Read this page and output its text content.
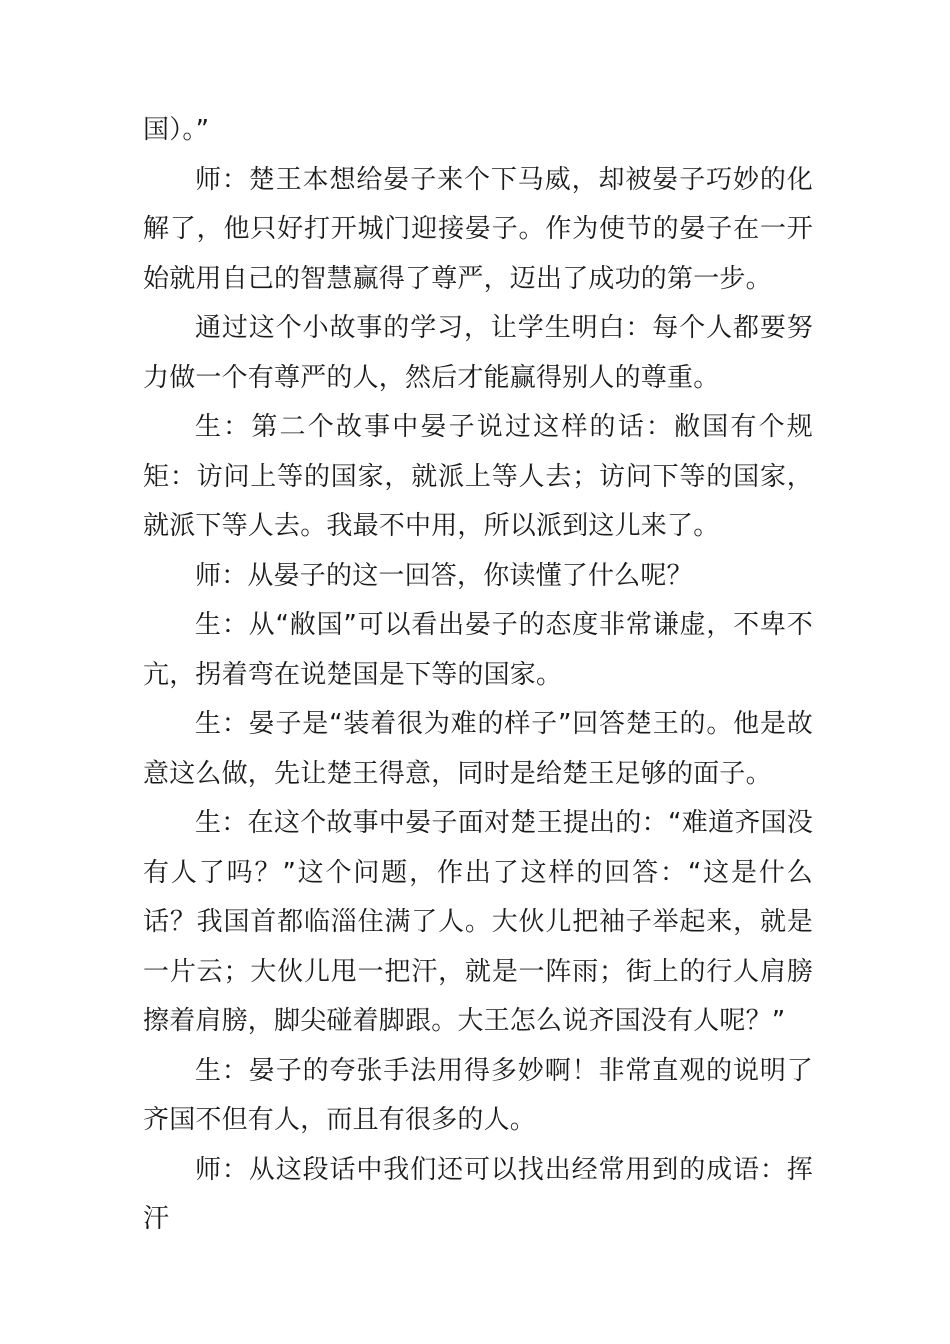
国）。”

师：楚王本想给晏子来个下马威，却被晏子巧妙的化解了，他只好打开城门迎接晏子。作为使节的晏子在一开始就用自己的智慧赢得了尊严，迈出了成功的第一步。

通过这个小故事的学习，让学生明白：每个人都要努力做一个有尊严的人，然后才能赢得别人的尊重。

生：第二个故事中晏子说过这样的话：敝国有个规矩：访问上等的国家，就派上等人去；访问下等的国家，就派下等人去。我最不中用，所以派到这儿来了。

师：从晏子的这一回答，你读懂了什么呢？

生：从“敝国”可以看出晏子的态度非常谦虚，不卑不亢，拐着弯在说楚国是下等的国家。

生：晏子是“装着很为难的样子”回答楚王的。他是故意这么做，先让楚王得意，同时是给楚王足够的面子。

生：在这个故事中晏子面对楚王提出的：“难道齐国没有人了吗？”这个问题，作出了这样的回答：“这是什么话？我国首都临淄住满了人。大伙儿把袖子举起来，就是一片云；大伙儿甩一把汗，就是一阵雨；街上的行人肩膀擦着肩膀，脚尖碰着脚跟。大王怎么说齐国没有人呢？”

生：晏子的夸张手法用得多妙啊！非常直观的说明了齐国不但有人，而且有很多的人。

师：从这段话中我们还可以找出经常用到的成语：挥汗
